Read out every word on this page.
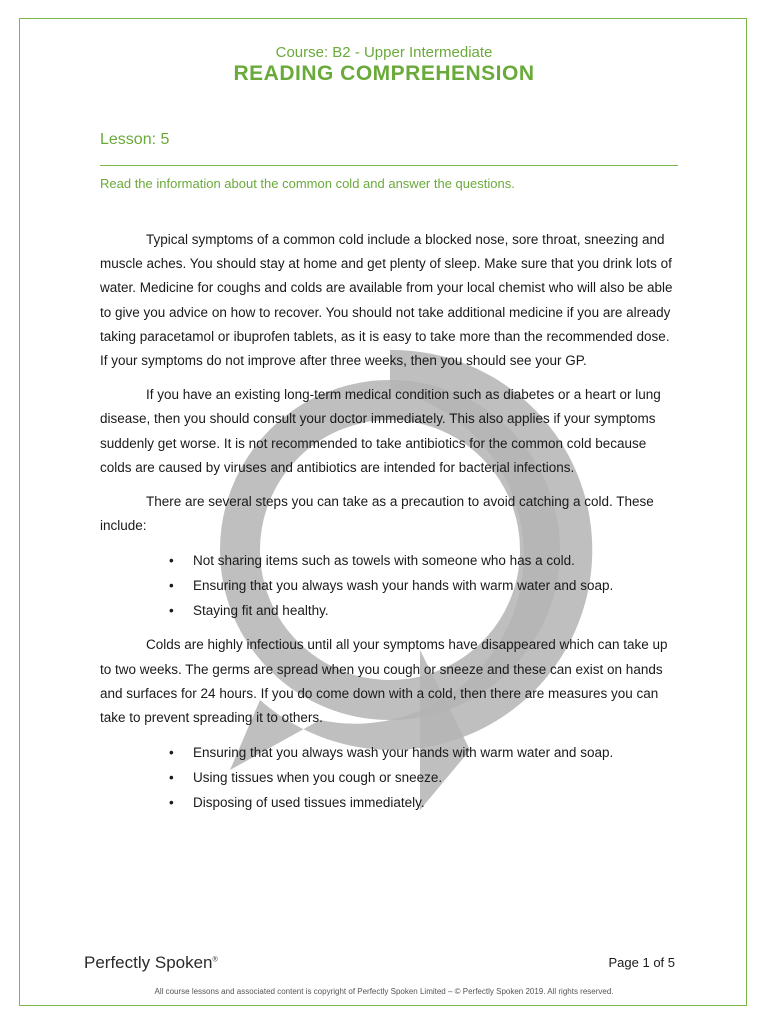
Course: B2 - Upper Intermediate
READING COMPREHENSION
Lesson: 5
Read the information about the common cold and answer the questions.

Typical symptoms of a common cold include a blocked nose, sore throat, sneezing and muscle aches. You should stay at home and get plenty of sleep. Make sure that you drink lots of water. Medicine for coughs and colds are available from your local chemist who will also be able to give you advice on how to recover. You should not take additional medicine if you are already taking paracetamol or ibuprofen tablets, as it is easy to take more than the recommended dose. If your symptoms do not improve after three weeks, then you should see your GP.

If you have an existing long-term medical condition such as diabetes or a heart or lung disease, then you should consult your doctor immediately. This also applies if your symptoms suddenly get worse. It is not recommended to take antibiotics for the common cold because colds are caused by viruses and antibiotics are intended for bacterial infections.

There are several steps you can take as a precaution to avoid catching a cold. These include:

• Not sharing items such as towels with someone who has a cold.
• Ensuring that you always wash your hands with warm water and soap.
• Staying fit and healthy.

Colds are highly infectious until all your symptoms have disappeared which can take up to two weeks. The germs are spread when you cough or sneeze and these can exist on hands and surfaces for 24 hours. If you do come down with a cold, then there are measures you can take to prevent spreading it to others.

• Ensuring that you always wash your hands with warm water and soap.
• Using tissues when you cough or sneeze.
• Disposing of used tissues immediately.
Perfectly Spoken®	Page 1 of 5
All course lessons and associated content is copyright of Perfectly Spoken Limited – © Perfectly Spoken 2019. All rights reserved.
